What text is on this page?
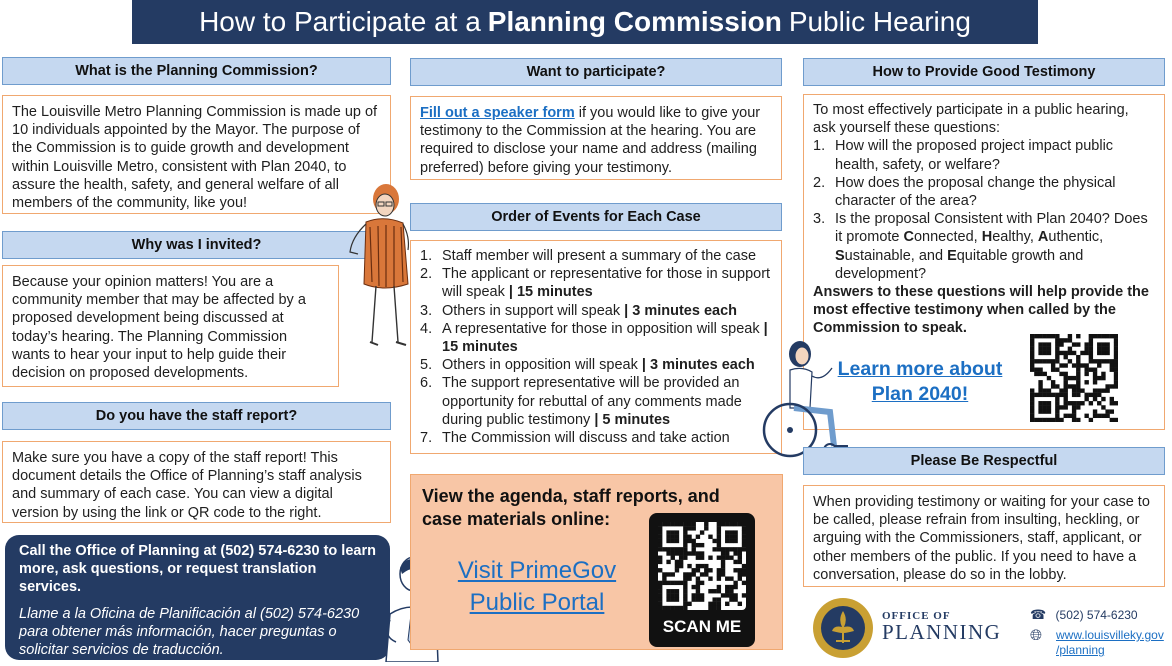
How to Participate at a Planning Commission Public Hearing
What is the Planning Commission?

The Louisville Metro Planning Commission is made up of 10 individuals appointed by the Mayor. The purpose of the Commission is to guide growth and development within Louisville Metro, consistent with Plan 2040, to assure the health, safety, and general welfare of all members of the community, like you!

Why was I invited?

Because your opinion matters! You are a community member that may be affected by a proposed development being discussed at today’s hearing. The Planning Commission wants to hear your input to help guide their decision on proposed developments.

Do you have the staff report?

Make sure you have a copy of the staff report! This document details the Office of Planning’s staff analysis and summary of each case. You can view a digital version by using the link or QR code to the right.

Call the Office of Planning at (502) 574-6230 to learn more, ask questions, or request translation services.

Llame a la Oficina de Planificación al (502) 574-6230 para obtener más información, hacer preguntas o solicitar servicios de traducción.

Want to participate?

Fill out a speaker form if you would like to give your testimony to the Commission at the hearing. You are required to disclose your name and address (mailing preferred) before giving your testimony.

Order of Events for Each Case
1. Staff member will present a summary of the case
2. The applicant or representative for those in support will speak | 15 minutes
3. Others in support will speak | 3 minutes each
4. A representative for those in opposition will speak | 15 minutes
5. Others in opposition will speak | 3 minutes each
6. The support representative will be provided an opportunity for rebuttal of any comments made during public testimony | 5 minutes
7. The Commission will discuss and take action
View the agenda, staff reports, and case materials online:
Visit PrimeGov Public Portal
SCAN ME
How to Provide Good Testimony

To most effectively participate in a public hearing, ask yourself these questions:

1. How will the proposed project impact public health, safety, or welfare?
2. How does the proposal change the physical character of the area?
3. Is the proposal Consistent with Plan 2040? Does it promote Connected, Healthy, Authentic, Sustainable, and Equitable growth and development?

Answers to these questions will help provide the most effective testimony when called by the Commission to speak.

Learn more about Plan 2040!
Please Be Respectful

When providing testimony or waiting for your case to be called, please refrain from insulting, heckling, or arguing with the Commissioners, staff, applicant, or other members of the public. If you need to have a conversation, please do so in the lobby.

OFFICE OF
PLANNING
☎ (502) 574-6230
🌐︎ www.louisvilleky.gov
/planning
